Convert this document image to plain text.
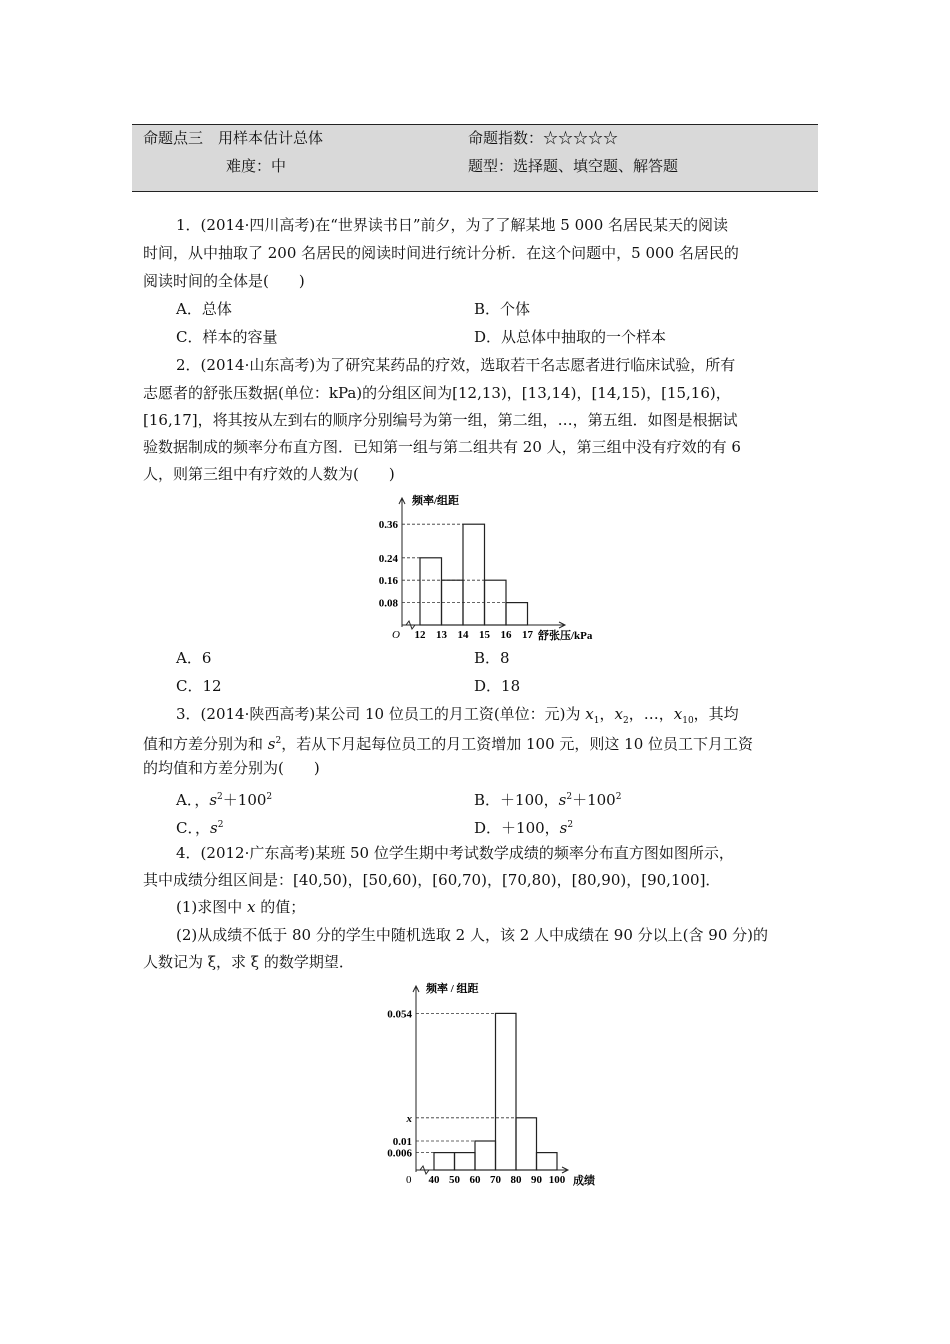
命题点三　用样本估计总体	命题指数：☆☆☆☆☆
难度：中	题型：选择题、填空题、解答题
1．(2014·四川高考)在“世界读书日”前夕，为了了解某地 5 000 名居民某天的阅读
时间，从中抽取了 200 名居民的阅读时间进行统计分析．在这个问题中，5 000 名居民的
阅读时间的全体是(　　)
A．总体	B．个体
C．样本的容量	D．从总体中抽取的一个样本
2．(2014·山东高考)为了研究某药品的疗效，选取若干名志愿者进行临床试验，所有
志愿者的舒张压数据(单位：kPa)的分组区间为[12,13)，[13,14)，[14,15)，[15,16)，
[16,17]，将其按从左到右的顺序分别编号为第一组，第二组，…，第五组．如图是根据试
验数据制成的频率分布直方图．已知第一组与第二组共有 20 人，第三组中没有疗效的有 6
人，则第三组中有疗效的人数为(　　)
O
0.36
0.24
0.16
0.08
12 13 14 15 16 17
频率/组距
舒张压/kPa
A．6	B．8
C．12	D．18
3．(2014·陕西高考)某公司 10 位员工的月工资(单位：元)为 $x_1$，$x_2$，…，$x_{10}$，其均
值和方差分别为和 $s^2$，若从下月起每位员工的月工资增加 100 元，则这 10 位员工下月工资
的均值和方差分别为(　　)
A．，$s^2+100^2$	B．＋100，$s^2+100^2$
C．，$s^2$	D．＋100，$s^2$
4．(2012·广东高考)某班 50 位学生期中考试数学成绩的频率分布直方图如图所示，
其中成绩分组区间是：[40,50)，[50,60)，[60,70)，[70,80)，[80,90)，[90,100]．
(1)求图中 x 的值；
(2)从成绩不低于 80 分的学生中随机选取 2 人，该 2 人中成绩在 90 分以上(含 90 分)的
人数记为 ξ，求 ξ 的数学期望．
0
0.054
x
0.01
0.006
40 50 60 70 80 90 100
频率 / 组距
成绩
